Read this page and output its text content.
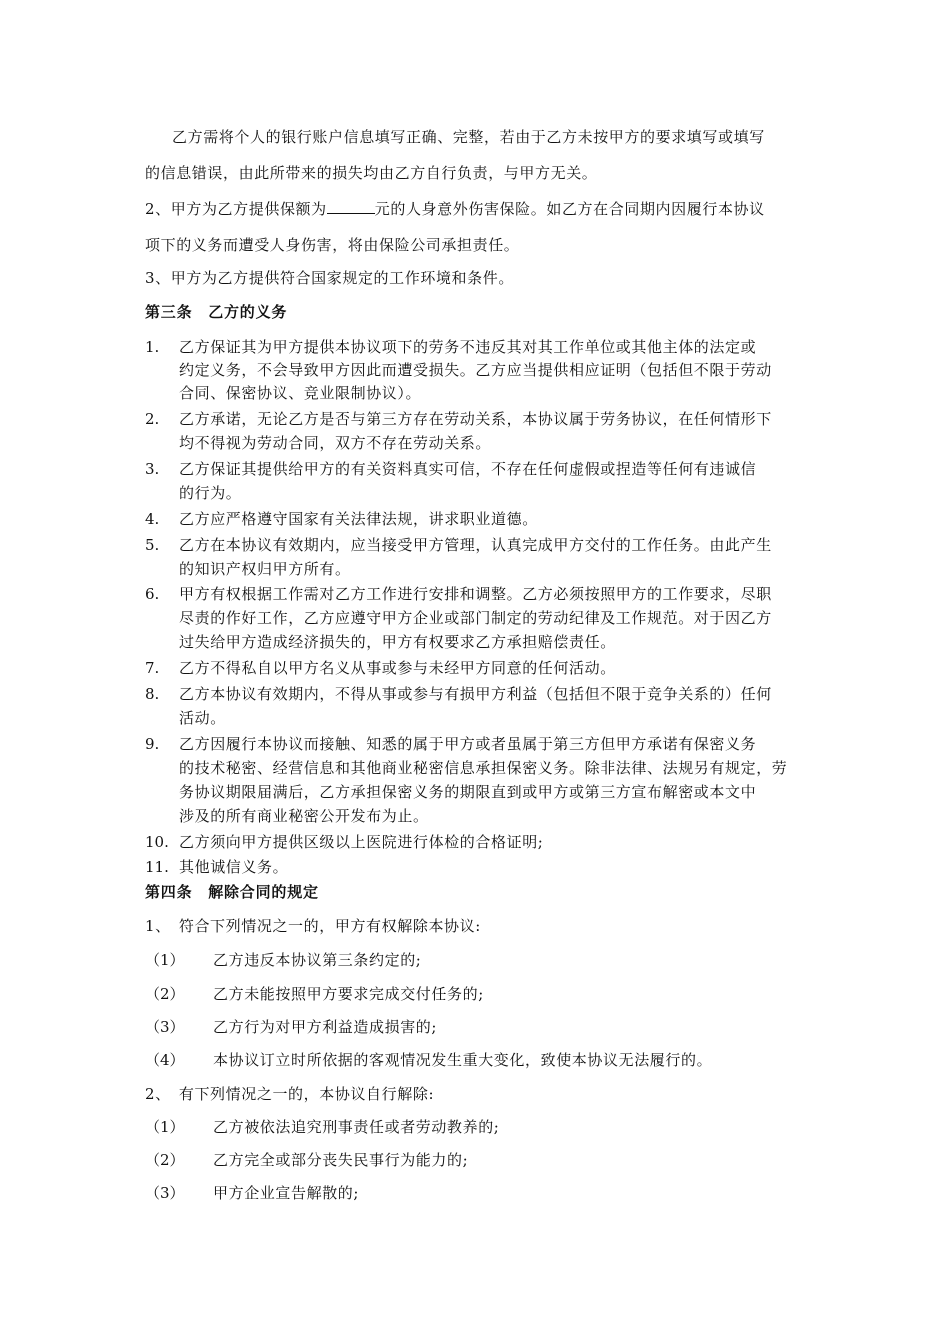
乙方需将个人的银行账户信息填写正确、完整，若由于乙方未按甲方的要求填写或填写
的信息错误，由此所带来的损失均由乙方自行负责，与甲方无关。
2、甲方为乙方提供保额为	元的人身意外伤害保险。如乙方在合同期内因履行本协议
项下的义务而遭受人身伤害，将由保险公司承担责任。
3、甲方为乙方提供符合国家规定的工作环境和条件。
第三条　乙方的义务
1. 乙方保证其为甲方提供本协议项下的劳务不违反其对其工作单位或其他主体的法定或
约定义务，不会导致甲方因此而遭受损失。乙方应当提供相应证明（包括但不限于劳动
合同、保密协议、竞业限制协议）。
2. 乙方承诺，无论乙方是否与第三方存在劳动关系，本协议属于劳务协议，在任何情形下
均不得视为劳动合同，双方不存在劳动关系。
3. 乙方保证其提供给甲方的有关资料真实可信，不存在任何虚假或捏造等任何有违诚信
的行为。
4. 乙方应严格遵守国家有关法律法规，讲求职业道德。
5. 乙方在本协议有效期内，应当接受甲方管理，认真完成甲方交付的工作任务。由此产生
的知识产权归甲方所有。
6. 甲方有权根据工作需对乙方工作进行安排和调整。乙方必须按照甲方的工作要求，尽职
尽责的作好工作，乙方应遵守甲方企业或部门制定的劳动纪律及工作规范。对于因乙方
过失给甲方造成经济损失的，甲方有权要求乙方承担赔偿责任。
7. 乙方不得私自以甲方名义从事或参与未经甲方同意的任何活动。
8. 乙方本协议有效期内，不得从事或参与有损甲方利益（包括但不限于竞争关系的）任何
活动。
9. 乙方因履行本协议而接触、知悉的属于甲方或者虽属于第三方但甲方承诺有保密义务
的技术秘密、经营信息和其他商业秘密信息承担保密义务。除非法律、法规另有规定，劳
务协议期限届满后，乙方承担保密义务的期限直到或甲方或第三方宣布解密或本文中
涉及的所有商业秘密公开发布为止。
10. 乙方须向甲方提供区级以上医院进行体检的合格证明;
11. 其他诚信义务。
第四条　解除合同的规定
1、　符合下列情况之一的，甲方有权解除本协议:
（1） 乙方违反本协议第三条约定的;
（2） 乙方未能按照甲方要求完成交付任务的;
（3） 乙方行为对甲方利益造成损害的;
（4） 本协议订立时所依据的客观情况发生重大变化，致使本协议无法履行的。
2、　有下列情况之一的，本协议自行解除:
（1） 乙方被依法追究刑事责任或者劳动教养的;
（2） 乙方完全或部分丧失民事行为能力的;
（3） 甲方企业宣告解散的;
